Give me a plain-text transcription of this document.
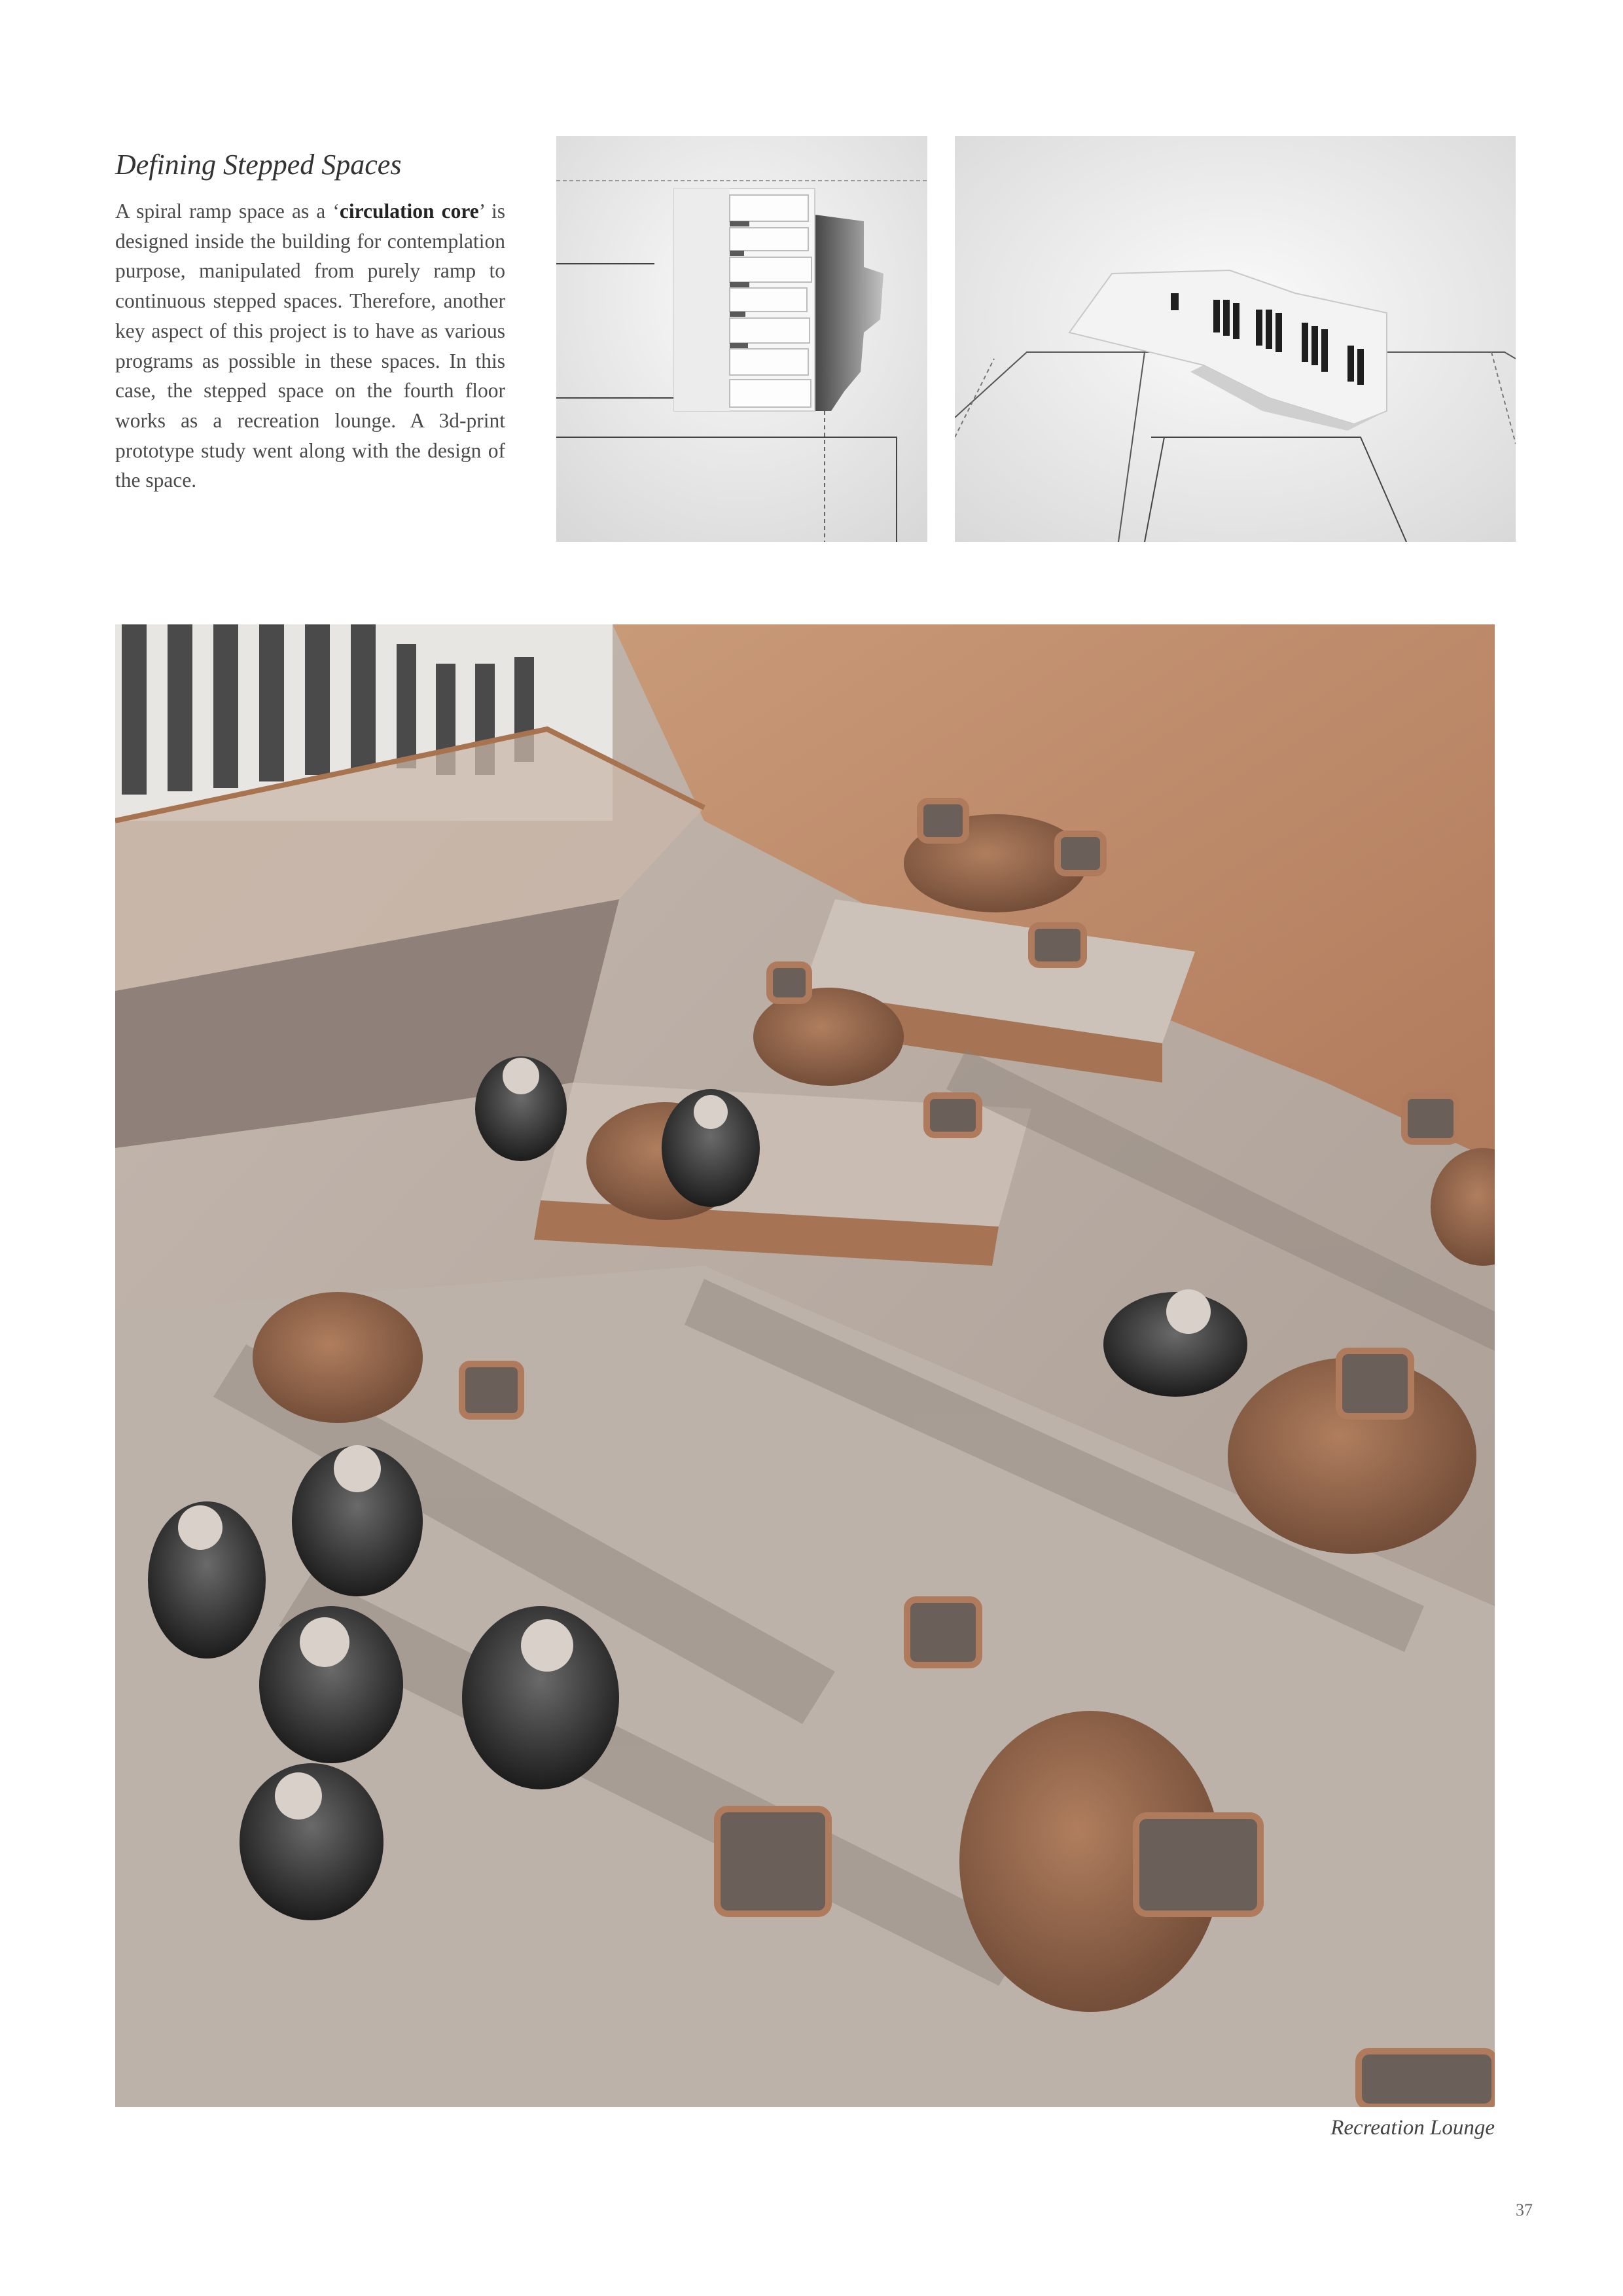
Defining Stepped Spaces

A spiral ramp space as a ‘circulation core’ is designed inside the building for contemplation purpose, manipulated from purely ramp to continuous stepped spaces. Therefore, another key aspect of this project is to have as various programs as possible in these spaces. In this case, the stepped space on the fourth floor works as a recreation lounge. A 3d-print prototype study went along with the design of the space.

Recreation Lounge
37
